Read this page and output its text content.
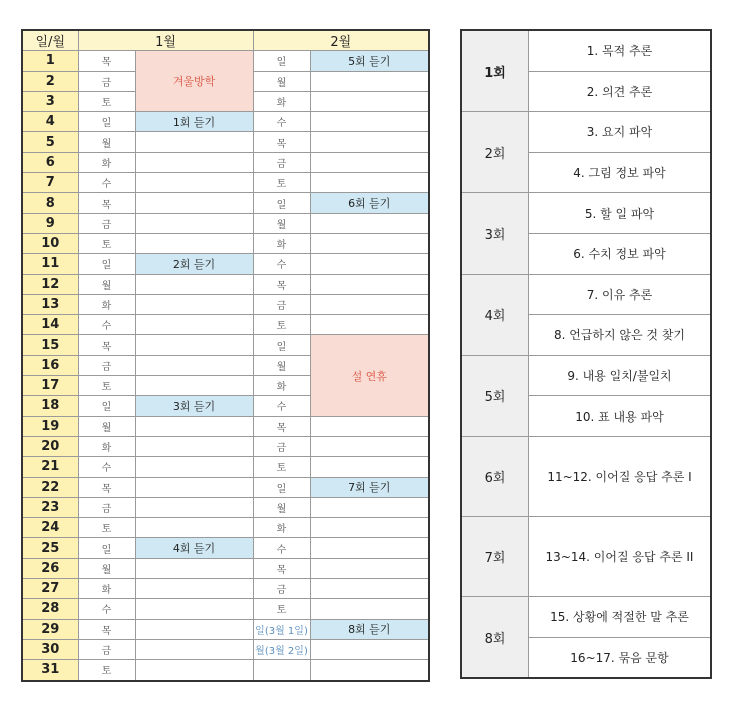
일/월	1월		2월	
1	목	겨울방학	일	5회 듣기
2	금		월	
3	토		화	
4	일	1회 듣기	수	
5	월		목	
6	화		금	
7	수		토	
8	목		일	6회 듣기
9	금		월	
10	토		화	
11	일	2회 듣기	수	
12	월		목	
13	화		금	
14	수		토	
15	목		일	설 연휴
16	금		월	
17	토		화	
18	일	3회 듣기	수	
19	월		목	
20	화		금	
21	수		토	
22	목		일	7회 듣기
23	금		월	
24	토		화	
25	일	4회 듣기	수	
26	월		목	
27	화		금	
28	수		토	
29	목		일(3월 1일)	8회 듣기
30	금		월(3월 2일)	
31	토			
1회	1. 목적 추론
	2. 의견 추론
2회	3. 요지 파악
	4. 그림 정보 파악
3회	5. 할 일 파악
	6. 수치 정보 파악
4회	7. 이유 추론
	8. 언급하지 않은 것 찾기
5회	9. 내용 일치/불일치
	10. 표 내용 파악
6회	11~12. 이어질 응답 추론 I
7회	13~14. 이어질 응답 추론 II
8회	15. 상황에 적절한 말 추론
	16~17. 묶음 문항
